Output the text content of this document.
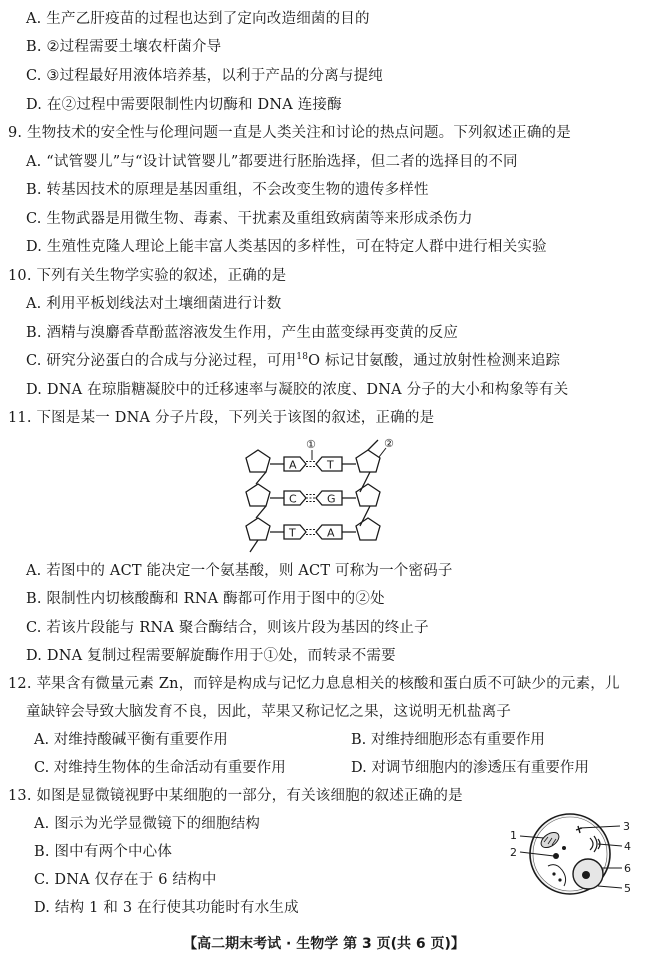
A. 生产乙肝疫苗的过程也达到了定向改造细菌的目的
B. ②过程需要土壤农杆菌介导
C. ③过程最好用液体培养基，以利于产品的分离与提纯
D. 在②过程中需要限制性内切酶和 DNA 连接酶
9. 生物技术的安全性与伦理问题一直是人类关注和讨论的热点问题。下列叙述正确的是
A. “试管婴儿”与“设计试管婴儿”都要进行胚胎选择，但二者的选择目的不同
B. 转基因技术的原理是基因重组，不会改变生物的遗传多样性
C. 生物武器是用微生物、毒素、干扰素及重组致病菌等来形成杀伤力
D. 生殖性克隆人理论上能丰富人类基因的多样性，可在特定人群中进行相关实验
10. 下列有关生物学实验的叙述，正确的是
A. 利用平板划线法对土壤细菌进行计数
B. 酒精与溴麝香草酚蓝溶液发生作用，产生由蓝变绿再变黄的反应
C. 研究分泌蛋白的合成与分泌过程，可用$^{18}$O 标记甘氨酸，通过放射性检测来追踪
D. DNA 在琼脂糖凝胶中的迁移速率与凝胶的浓度、DNA 分子的大小和构象等有关
11. 下图是某一 DNA 分子片段，下列关于该图的叙述，正确的是
A
C
T
T
G
A
①	②
A. 若图中的 ACT 能决定一个氨基酸，则 ACT 可称为一个密码子
B. 限制性内切核酸酶和 RNA 酶都可作用于图中的②处
C. 若该片段能与 RNA 聚合酶结合，则该片段为基因的终止子
D. DNA 复制过程需要解旋酶作用于①处，而转录不需要
12. 苹果含有微量元素 Zn，而锌是构成与记忆力息息相关的核酸和蛋白质不可缺少的元素，儿
童缺锌会导致大脑发育不良，因此，苹果又称记忆之果，这说明无机盐离子
A. 对维持酸碱平衡有重要作用	B. 对维持细胞形态有重要作用
C. 对维持生物体的生命活动有重要作用	D. 对调节细胞内的渗透压有重要作用
13. 如图是显微镜视野中某细胞的一部分，有关该细胞的叙述正确的是
A. 图示为光学显微镜下的细胞结构
B. 图中有两个中心体
C. DNA 仅存在于 6 结构中
D. 结构 1 和 3 在行使其功能时有水生成
1
2
3
4
6
5
【高二期末考试 · 生物学 第 3 页(共 6 页)】
